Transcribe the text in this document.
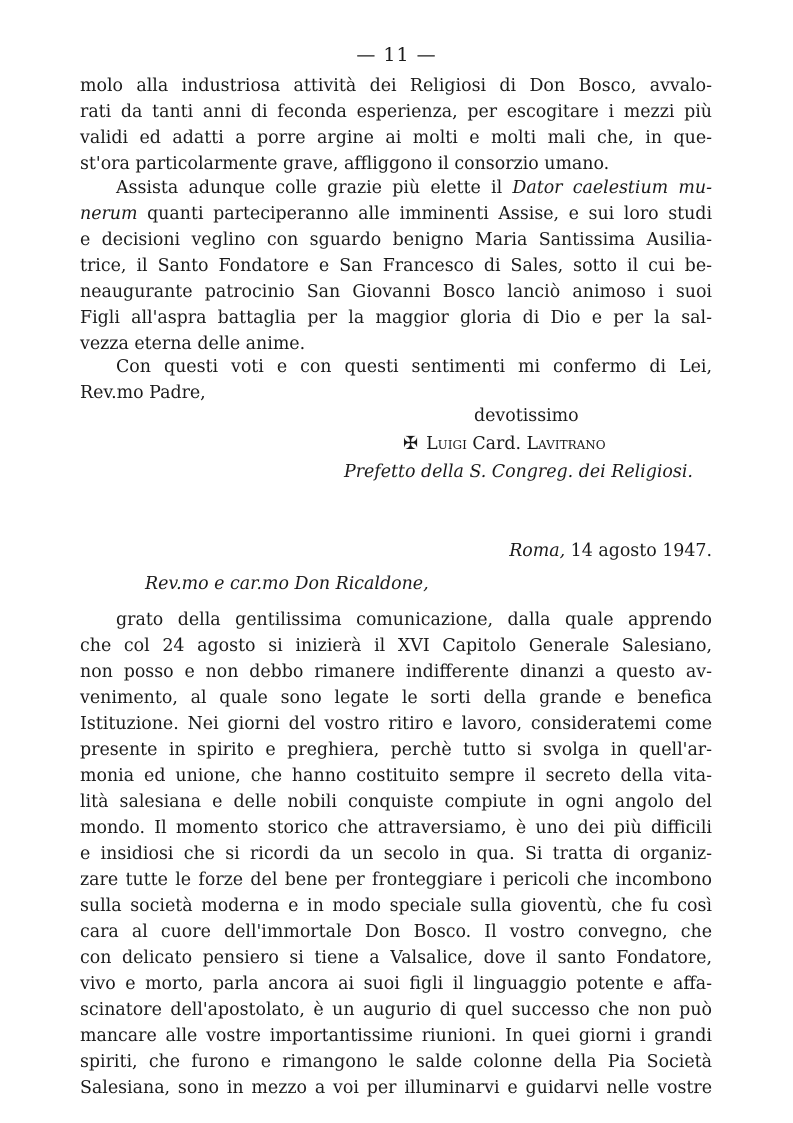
— 11 —
molo alla industriosa attività dei Religiosi di Don Bosco, avvalo-
rati da tanti anni di feconda esperienza, per escogitare i mezzi più
validi ed adatti a porre argine ai molti e molti mali che, in que-
st'ora particolarmente grave, affliggono il consorzio umano.
Assista adunque colle grazie più elette il Dator caelestium mu-
nerum quanti parteciperanno alle imminenti Assise, e sui loro studi
e decisioni veglino con sguardo benigno Maria Santissima Ausilia-
trice, il Santo Fondatore e San Francesco di Sales, sotto il cui be-
neaugurante patrocinio San Giovanni Bosco lanciò animoso i suoi
Figli all'aspra battaglia per la maggior gloria di Dio e per la sal-
vezza eterna delle anime.
Con questi voti e con questi sentimenti mi confermo di Lei,
Rev.mo Padre,
devotissimo
✠ Luigi Card. Lavitrano
Prefetto della S. Congreg. dei Religiosi.
Roma, 14 agosto 1947.
Rev.mo e car.mo Don Ricaldone,
grato della gentilissima comunicazione, dalla quale apprendo
che col 24 agosto si inizierà il XVI Capitolo Generale Salesiano,
non posso e non debbo rimanere indifferente dinanzi a questo av-
venimento, al quale sono legate le sorti della grande e benefica
Istituzione. Nei giorni del vostro ritiro e lavoro, consideratemi come
presente in spirito e preghiera, perchè tutto si svolga in quell'ar-
monia ed unione, che hanno costituito sempre il secreto della vita-
lità salesiana e delle nobili conquiste compiute in ogni angolo del
mondo. Il momento storico che attraversiamo, è uno dei più difficili
e insidiosi che si ricordi da un secolo in qua. Si tratta di organiz-
zare tutte le forze del bene per fronteggiare i pericoli che incombono
sulla società moderna e in modo speciale sulla gioventù, che fu così
cara al cuore dell'immortale Don Bosco. Il vostro convegno, che
con delicato pensiero si tiene a Valsalice, dove il santo Fondatore,
vivo e morto, parla ancora ai suoi figli il linguaggio potente e affa-
scinatore dell'apostolato, è un augurio di quel successo che non può
mancare alle vostre importantissime riunioni. In quei giorni i grandi
spiriti, che furono e rimangono le salde colonne della Pia Società
Salesiana, sono in mezzo a voi per illuminarvi e guidarvi nelle vostre
